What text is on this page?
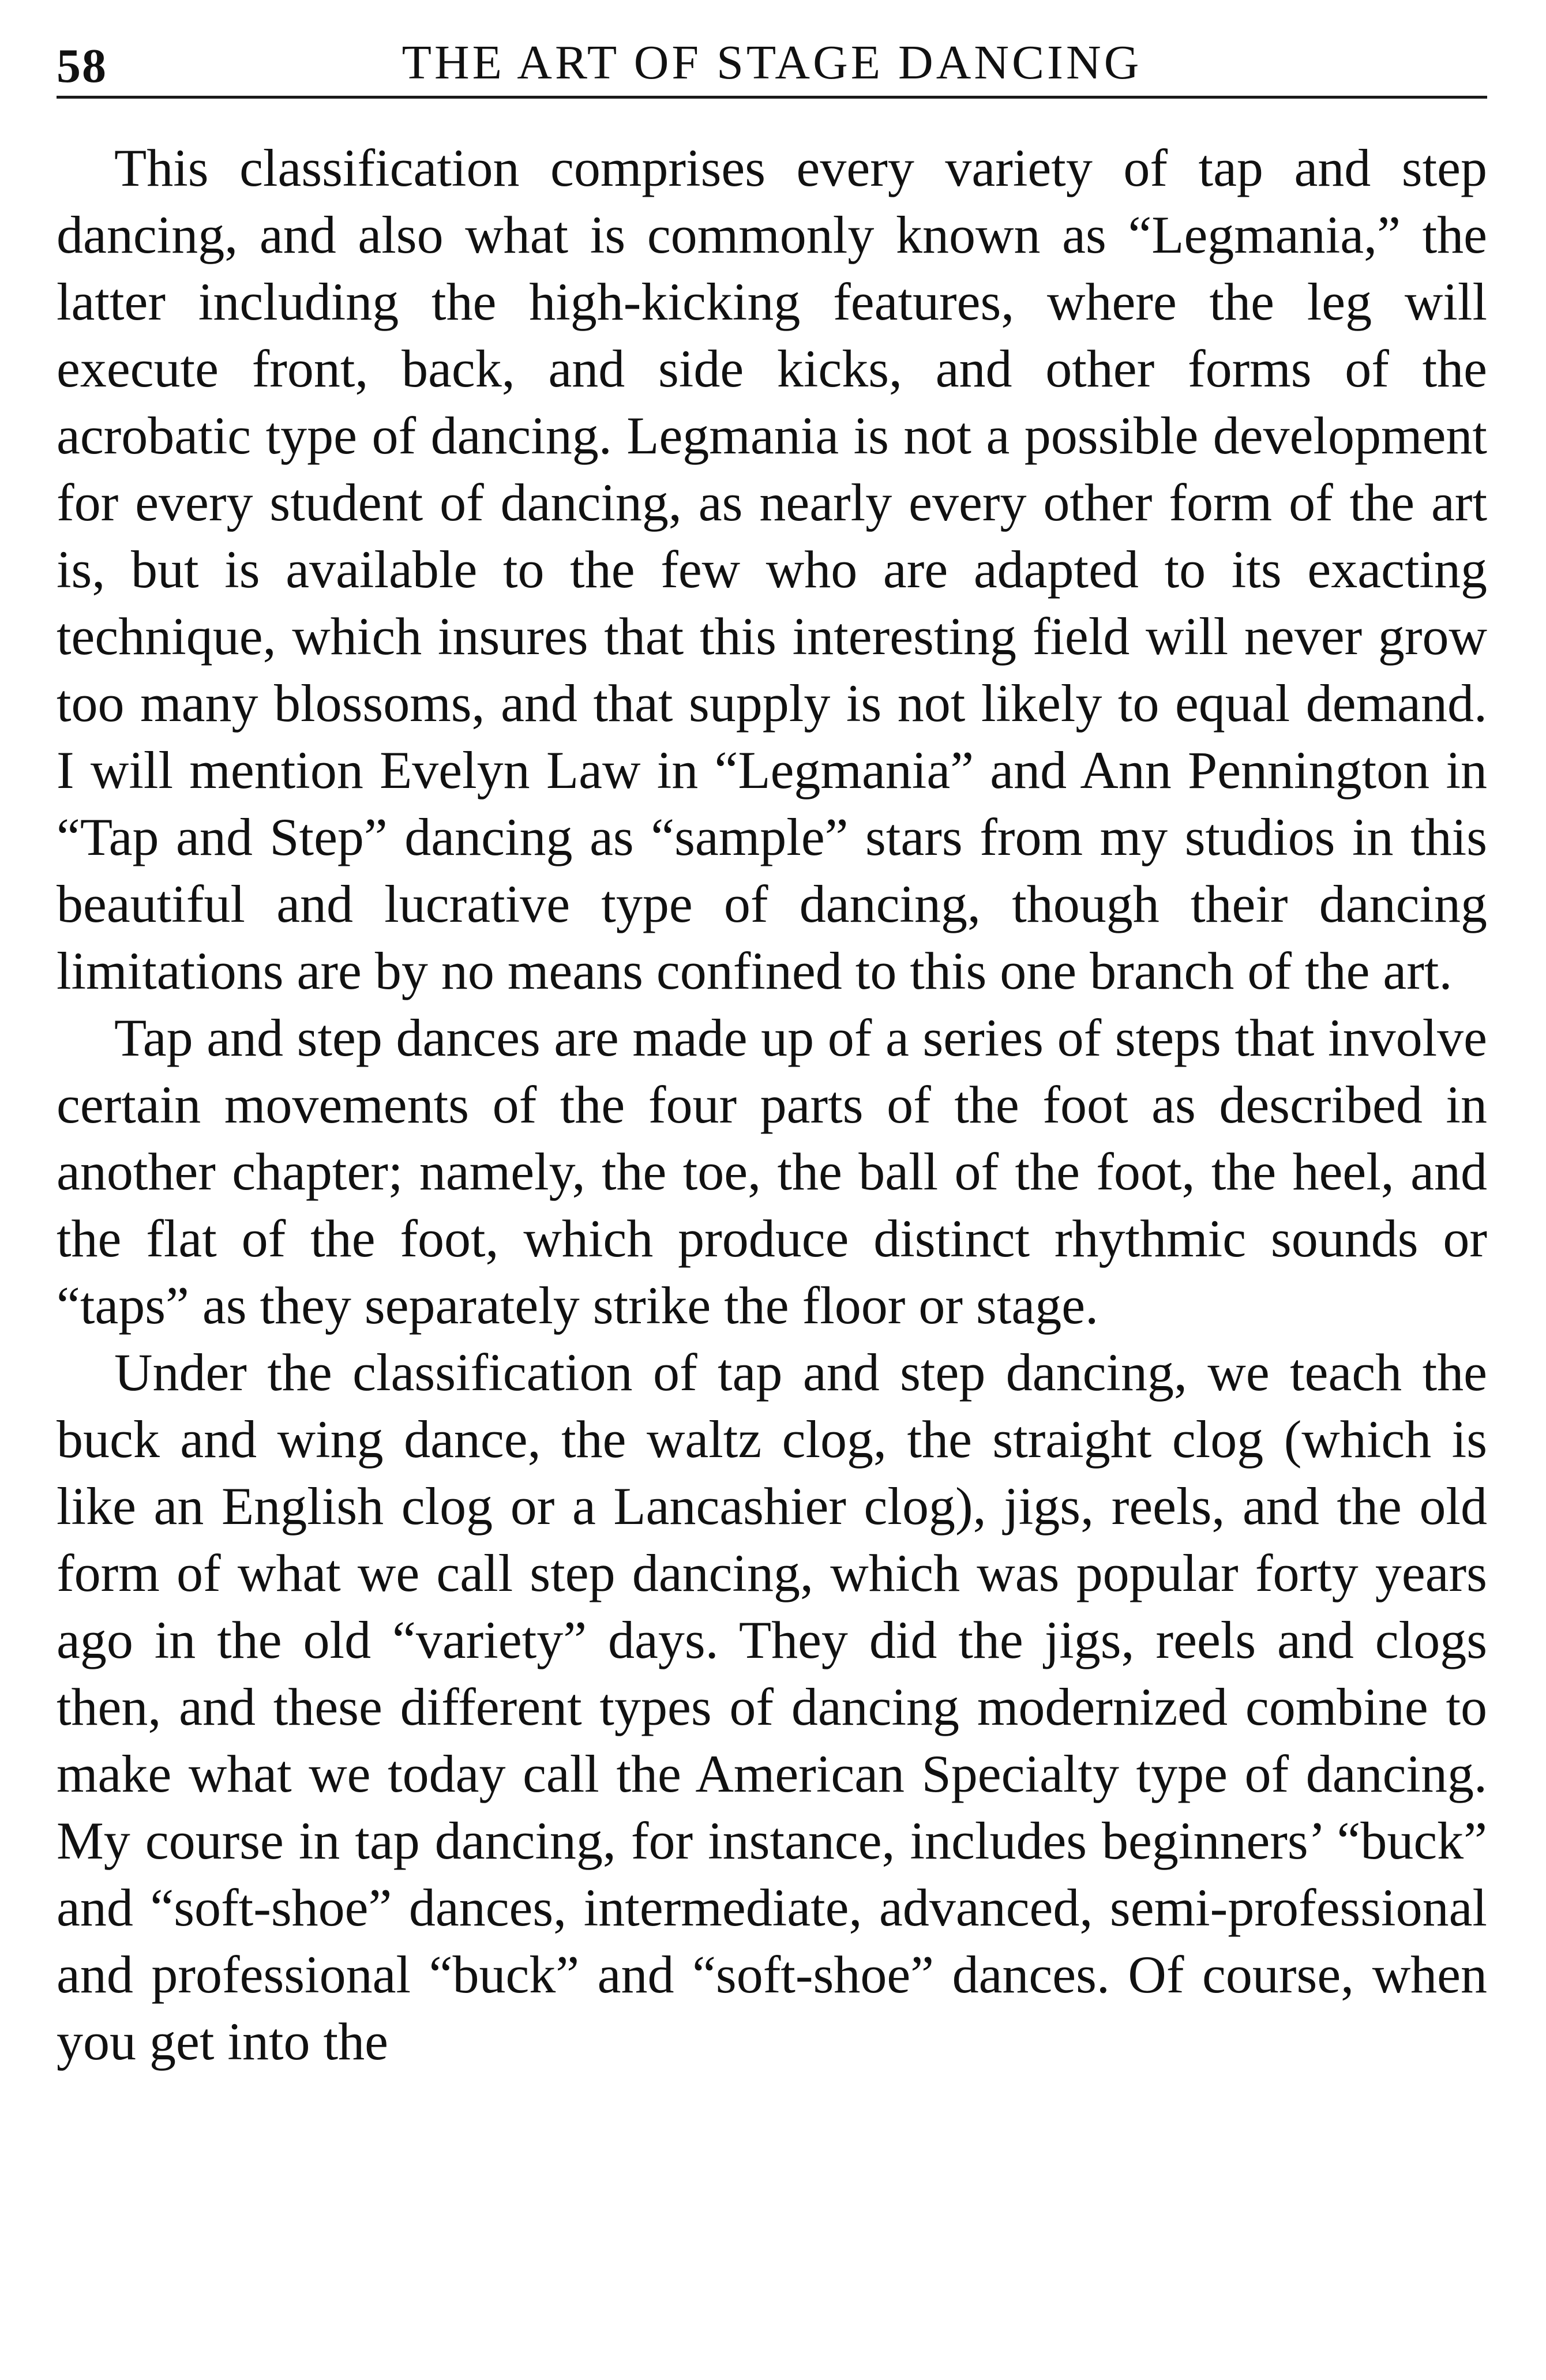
58	THE ART OF STAGE DANCING

This classification comprises every variety of tap and step dancing, and also what is commonly known as “Legmania,” the latter including the high-kicking features, where the leg will execute front, back, and side kicks, and other forms of the acrobatic type of dancing. Legmania is not a possible development for every student of dancing, as nearly every other form of the art is, but is available to the few who are adapted to its exacting technique, which insures that this interesting field will never grow too many blossoms, and that supply is not likely to equal demand. I will mention Evelyn Law in “Legmania” and Ann Pennington in “Tap and Step” dancing as “sample” stars from my studios in this beautiful and lucrative type of dancing, though their dancing limitations are by no means confined to this one branch of the art.

Tap and step dances are made up of a series of steps that involve certain movements of the four parts of the foot as described in another chapter; namely, the toe, the ball of the foot, the heel, and the flat of the foot, which produce distinct rhythmic sounds or “taps” as they separately strike the floor or stage.

Under the classification of tap and step dancing, we teach the buck and wing dance, the waltz clog, the straight clog (which is like an English clog or a Lancashier clog), jigs, reels, and the old form of what we call step dancing, which was popular forty years ago in the old “variety” days. They did the jigs, reels and clogs then, and these different types of dancing modernized combine to make what we today call the American Specialty type of dancing. My course in tap dancing, for instance, includes beginners’ “buck” and “soft-shoe” dances, intermediate, advanced, semi-professional and professional “buck” and “soft-shoe” dances. Of course, when you get into the
